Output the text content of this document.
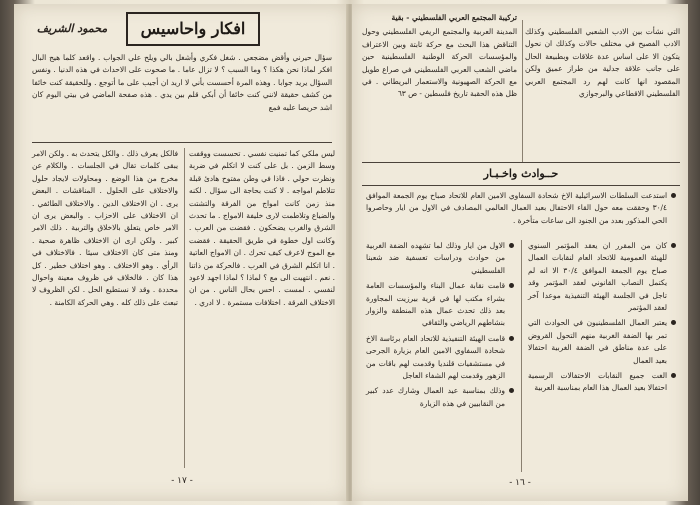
محمود الشريف	افكار واحاسيس
سؤال حيرني وأقض مضجعي . شغل فكري وأشغل بالي ويلح علي الجواب . واقعد كلما هيج البال افكر لماذا نحن هكذا ؟ وما السبب ؟ لا تزال عاما . ما صحوت على الاحداث في هذه الدنيا . ونفس السؤال يريد جوابا . وهذه المرة أحسست بأني لا اريد ان أجيب على ما أتوجع . وللحقيقة كنت خائفا من كشف حقيقة لانني كنت خائفا أن أبكي قلم بين يدي . هذه صفحة الماضي في بيتي اليوم كان اشد حريصا عليه فمع
ليس ملكي كما تمنيت نفسي . تحسست ووقفت وسط الزمن . بل على كنت لا اتكلم في ضربة ونظرت حولي . فاذا في وطن مفتوح هادئ قبلة تتلاطم امواجه . لا كنت بحاجة الى سؤال . لكنه منذ زمن كانت امواج من الفرقة والتشتت والضياع وتلاطمت لارى خليفة الامواج . ما تحدث الشرق والغرب يضحكون . فقضت من العرب . وكانت اول خطوة في طريق الحقيقة . فقضت مع الموج لاعرف كيف تحرك . ان الامواج العاتية . انا اتكلم الشرق في العرب . فالحركة من ذاتنا . نعم . انتهيت الى مع ؟ لماذا ؟ لماذا اجهد لاعود لنفسي . لمست . احس بحال الناس . من ان الاختلاف الفرقة . اختلافات مستمرة . لا ادري .
فالكل يعرف ذلك . والكل يتحدث به . ولكن الامر يبقى كلمات تقال في الجلسات . والكلام عن مخرج من هذا الوضع . ومحاولات لايجاد حلول والاختلاف على الحلول . المناقشات . البعض يرى . ان الاختلاف الدين . والاختلاف الطائفي . ان الاختلاف على الاحزاب . والبعض يرى ان الامر خاص يتعلق بالاخلاق والتربية . ذلك الامر كبير . ولكن ارى ان الاختلاف ظاهرة صحية . ومنذ متى كان الاختلاف سيئا . فالاختلاف في الرأي . وهو الاختلاف . وهو اختلاف خطير . كل هذا كان . فالخلاف في ظروف معينة واحوال محددة . وقد لا نستطيع الحل . لكن الظروف لا تبعث على ذلك كله . وهي الحركة الكامنة .
- ١٧ -
تركيبة المجتمع العربي الفلسطيني - بقية
المدينة العربية والمجتمع الريفي الفلسطيني وحول التناقض هذا البحث مع حركة ثابتة وبين الاعتراف والمؤسسات الحركة الوطنية الفلسطينية حين ماضي الشعب العربي الفلسطيني في صراع طويل مع الحركة الصهيونية والاستعمار البريطاني . في ظل هذه الحقبة تاريخ فلسطين - ص ٦٣
التي نشأت بين الادب الشعبي الفلسطيني وكذلك الادب الفصيح في مختلف حالات وكذلك ان نحول يتكون الا على اساس عدة علاقات وبطبيعة الحال على جانب علاقة جدلية من طراز عميق ولكن المقصود انها كانت لهم رد المجتمع العربي الفلسطيني الاقطاعي والبرجوازي
حــوادث واخـبـار
استدعت السلطات الاسرائيلية الاخ شحادة السفاوي الامين العام للاتحاد صباح يوم الجمعة الموافق ٣٠/٤ وحققت معه حول القاء الاحتفال بعيد العمال العالمي المصادف في الاول من ايار وحاصروا الحي المذكور بعدد من الجنود الى ساعات متأخرة .
كان من المقرر ان يعقد المؤتمر السنوي للهيئة العمومية للاتحاد العام لنقابات العمال صباح يوم الجمعة الموافق ٣٠/٤ الا انه لم يكتمل النصاب القانوني لعقد المؤتمر وقد تاجل في الجلسة الهيئة التنفيذية موعدا آخر لعقد المؤتمر
يعتبر العمال الفلسطينيون في الحوادث التي تمر بها الضفة الغربية منهم التحول القروض على عدة مناطق في الضفة الغربية احتفالا بعيد العمال
الغت جميع النقابات الاحتفالات الرسمية احتفالا بعيد العمال هذا العام بمناسبة العربية
الاول من ايار وذلك لما تشهده الضفة الغربية من حوادث ودراسات تعسفية ضد شعبنا الفلسطيني
قامت نقابة عمال البناء والمؤسسات العامة بشراء مكتب لها في قرية بيرزيت المجاورة بعد ذلك تحدث عمال هذه المنطقة والزوار بنشاطهم الرياضي والثقافي
قامت الهيئة التنفيذية للاتحاد العام برئاسة الاخ شحادة السفاوي الامين العام بزيارة الجرحى في مستشفيات قلنديا وقدمت لهم باقات من الزهور وقدمت لهم الشفاء العاجل
وذلك بمناسبة عيد العمال وشارك عدد كبير من النقابيين في هذه الزيارة
- ١٦ -
